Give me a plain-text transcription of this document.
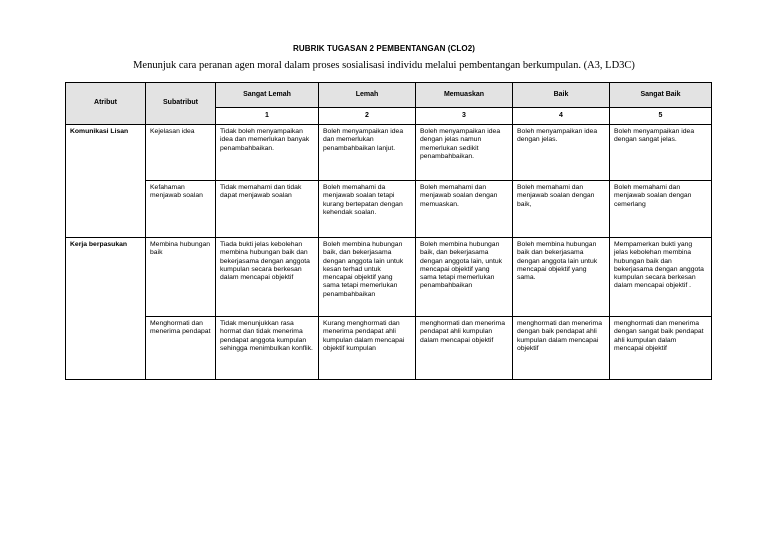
RUBRIK TUGASAN 2 PEMBENTANGAN (CLO2)
Menunjuk cara peranan agen moral dalam proses sosialisasi individu melalui pembentangan berkumpulan. (A3, LD3C)
Atribut	Subatribut	Sangat Lemah	Lemah	Memuaskan	Baik	Sangat Baik
		1	2	3	4	5
Komunikasi Lisan	Kejelasan idea	Tidak boleh menyampaikan idea dan memerlukan banyak penambahbaikan.	Boleh menyampaikan idea dan memerlukan penambahbaikan lanjut.	Boleh menyampaikan idea dengan jelas namun memerlukan sedikit penambahbaikan.	Boleh menyampaikan idea dengan jelas.	Boleh menyampaikan idea dengan sangat jelas.
	Kefahaman menjawab soalan	Tidak memahami dan tidak dapat menjawab soalan	Boleh memahami da menjawab soalan tetapi kurang bertepatan dengan kehendak soalan.	Boleh memahami dan menjawab soalan dengan memuaskan.	Boleh memahami dan menjawab soalan dengan baik,	Boleh memahami dan menjawab soalan dengan cemerlang
Kerja berpasukan	Membina hubungan baik	Tiada bukti jelas kebolehan membina hubungan baik dan bekerjasama dengan anggota kumpulan secara berkesan dalam mencapai objektif	Boleh membina hubungan baik, dan bekerjasama dengan anggota lain untuk kesan terhad untuk mencapai objektif yang sama tetapi memerlukan penambahbaikan	Boleh membina hubungan baik, dan bekerjasama dengan anggota lain, untuk mencapai objektif yang sama tetapi memerlukan penambahbaikan	Boleh membina hubungan baik dan bekerjasama dengan anggota lain untuk mencapai objektif yang sama.	Mempamerkan bukti yang jelas kebolehan membina hubungan baik dan bekerjasama dengan anggota kumpulan secara berkesan dalam mencapai objektif .
	Menghormati dan menerima pendapat	Tidak menunjukkan rasa hormat dan tidak menerima pendapat anggota kumpulan sehingga menimbulkan konflik.	Kurang menghormati dan menerima pendapat ahli kumpulan dalam mencapai objektif kumpulan	menghormati dan menerima pendapat ahli kumpulan dalam mencapai objektif	menghormati dan menerima dengan baik pendapat ahli kumpulan dalam mencapai objektif	menghormati dan menerima dengan sangat baik pendapat ahli kumpulan dalam mencapai objektif
